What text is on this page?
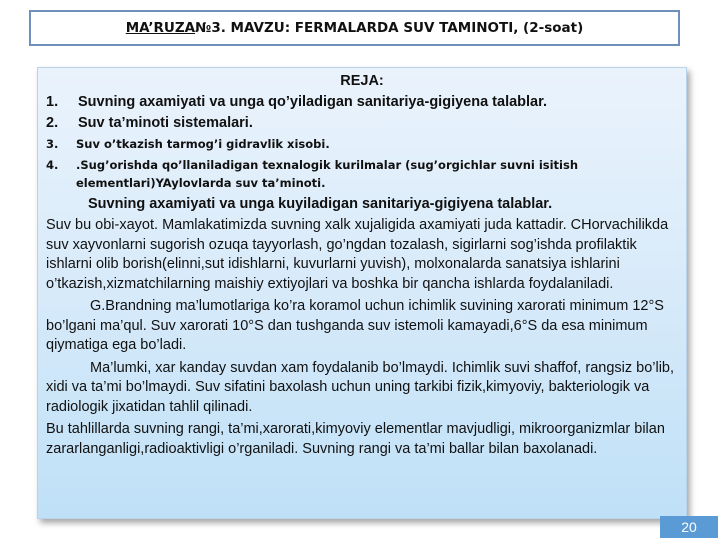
MA’RUZA №3. MAVZU: FERMALARDA SUV TAMINOTI, (2-soat)
REJA:
1.	Suvning axamiyati va unga qo’yiladigan sanitariya-gigiyena talablar.
2.	Suv ta’minoti sistemalari.
3.	Suv o’tkazish tarmog’i gidravlik xisobi.
4.	.Sug’orishda qo’llaniladigan texnalogik kurilmalar (sug’orgichlar suvni isitish elementlari)YAylovlarda suv ta’minoti.
Suvning axamiyati va unga kuyiladigan sanitariya-gigiyena talablar.

Suv bu obi-xayot. Mamlakatimizda suvning xalk xujaligida axamiyati juda kattadir. CHorvachilikda suv xayvonlarni sugorish ozuqa tayyorlash, go’ngdan tozalash, sigirlarni sog’ishda profilaktik ishlarni olib borish(elinni,sut idishlarni, kuvurlarni yuvish), molxonalarda sanatsiya ishlarini o’tkazish,xizmatchilarning maishiy extiyojlari va boshka bir qancha ishlarda foydalaniladi.

G.Brandning ma’lumotlariga ko’ra koramol uchun ichimlik suvining xarorati minimum 12°S bo’lgani ma’qul. Suv xarorati 10°S dan tushganda suv istemoli kamayadi,6°S da esa minimum qiymatiga ega bo’ladi.

Ma’lumki, xar kanday suvdan xam foydalanib bo’lmaydi. Ichimlik suvi shaffof, rangsiz bo’lib, xidi va ta’mi bo’lmaydi. Suv sifatini baxolash uchun uning tarkibi fizik,kimyoviy, bakteriologik va radiologik jixatidan tahlil qilinadi.

Bu tahlillarda suvning rangi, ta’mi,xarorati,kimyoviy elementlar mavjudligi, mikroorganizmlar bilan zararlanganligi,radioaktivligi o’rganiladi. Suvning rangi va ta’mi ballar bilan baxolanadi.

20
